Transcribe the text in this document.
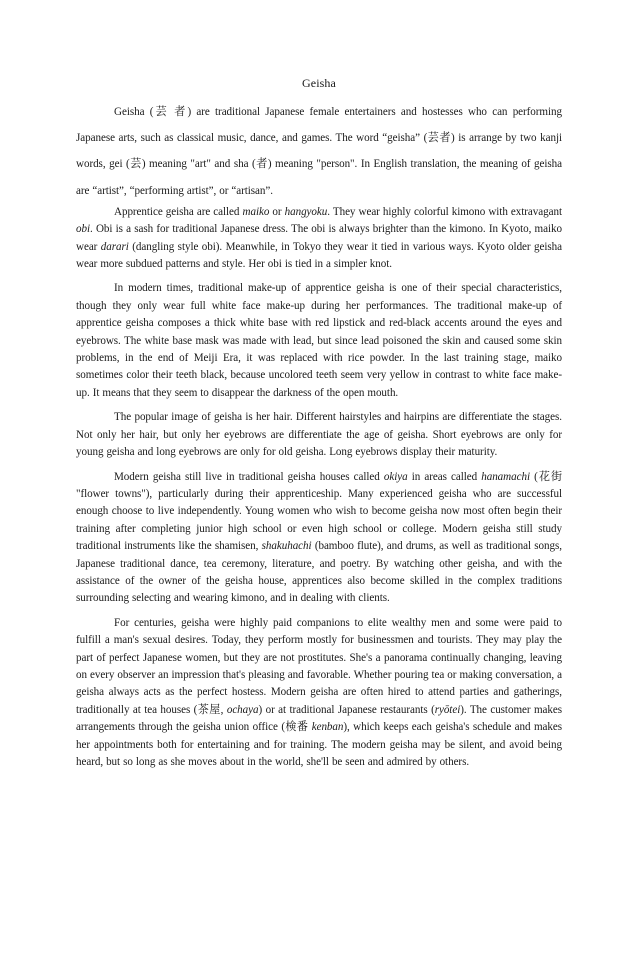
Geisha

Geisha (芸 者) are traditional Japanese female entertainers and hostesses who can performing Japanese arts, such as classical music, dance, and games. The word “geisha” (芸者) is arrange by two kanji words, gei (芸) meaning "art" and sha (者) meaning "person". In English translation, the meaning of geisha are “artist”, “performing artist”, or “artisan”.

Apprentice geisha are called maiko or hangyoku. They wear highly colorful kimono with extravagant obi. Obi is a sash for traditional Japanese dress. The obi is always brighter than the kimono. In Kyoto, maiko wear darari (dangling style obi). Meanwhile, in Tokyo they wear it tied in various ways. Kyoto older geisha wear more subdued patterns and style. Her obi is tied in a simpler knot.

In modern times, traditional make-up of apprentice geisha is one of their special characteristics, though they only wear full white face make-up during her performances. The traditional make-up of apprentice geisha composes a thick white base with red lipstick and red-black accents around the eyes and eyebrows. The white base mask was made with lead, but since lead poisoned the skin and caused some skin problems, in the end of Meiji Era, it was replaced with rice powder. In the last training stage, maiko sometimes color their teeth black, because uncolored teeth seem very yellow in contrast to white face make-up. It means that they seem to disappear the darkness of the open mouth.

The popular image of geisha is her hair. Different hairstyles and hairpins are differentiate the stages. Not only her hair, but only her eyebrows are differentiate the age of geisha. Short eyebrows are only for young geisha and long eyebrows are only for old geisha. Long eyebrows display their maturity.

Modern geisha still live in traditional geisha houses called okiya in areas called hanamachi (花街 "flower towns"), particularly during their apprenticeship. Many experienced geisha who are successful enough choose to live independently. Young women who wish to become geisha now most often begin their training after completing junior high school or even high school or college. Modern geisha still study traditional instruments like the shamisen, shakuhachi (bamboo flute), and drums, as well as traditional songs, Japanese traditional dance, tea ceremony, literature, and poetry. By watching other geisha, and with the assistance of the owner of the geisha house, apprentices also become skilled in the complex traditions surrounding selecting and wearing kimono, and in dealing with clients.

For centuries, geisha were highly paid companions to elite wealthy men and some were paid to fulfill a man's sexual desires. Today, they perform mostly for businessmen and tourists. They may play the part of perfect Japanese women, but they are not prostitutes. She's a panorama continually changing, leaving on every observer an impression that's pleasing and favorable. Whether pouring tea or making conversation, a geisha always acts as the perfect hostess. Modern geisha are often hired to attend parties and gatherings, traditionally at tea houses (茶屋, ochaya) or at traditional Japanese restaurants (ryōtei). The customer makes arrangements through the geisha union office (検番 kenban), which keeps each geisha's schedule and makes her appointments both for entertaining and for training. The modern geisha may be silent, and avoid being heard, but so long as she moves about in the world, she'll be seen and admired by others.
